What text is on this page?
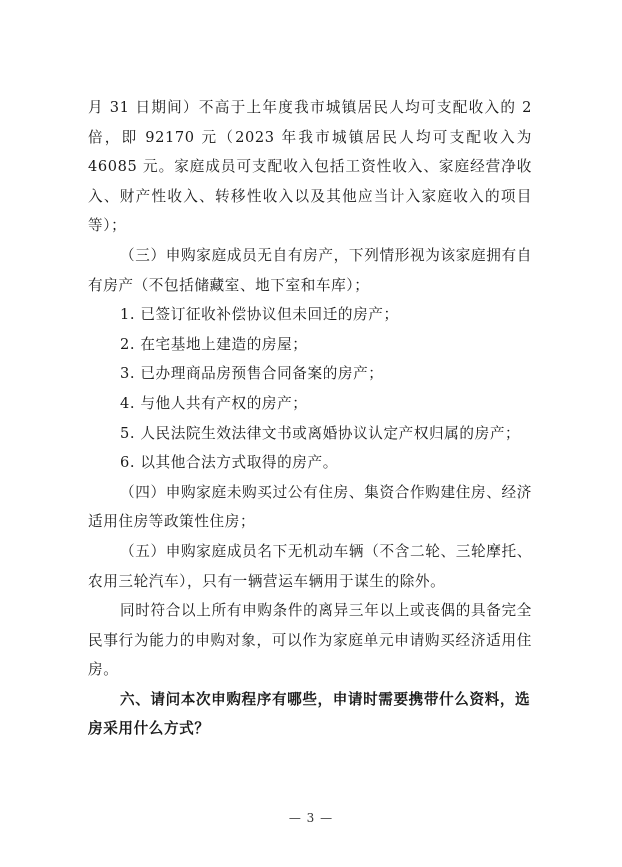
月 31 日期间）不高于上年度我市城镇居民人均可支配收入的 2 倍，即 92170 元（2023 年我市城镇居民人均可支配收入为 46085 元。家庭成员可支配收入包括工资性收入、家庭经营净收入、财产性收入、转移性收入以及其他应当计入家庭收入的项目等）；

（三）申购家庭成员无自有房产，下列情形视为该家庭拥有自有房产（不包括储藏室、地下室和车库）；

1. 已签订征收补偿协议但未回迁的房产；

2. 在宅基地上建造的房屋；

3. 已办理商品房预售合同备案的房产；

4. 与他人共有产权的房产；

5. 人民法院生效法律文书或离婚协议认定产权归属的房产；

6. 以其他合法方式取得的房产。

（四）申购家庭未购买过公有住房、集资合作购建住房、经济适用住房等政策性住房；

（五）申购家庭成员名下无机动车辆（不含二轮、三轮摩托、农用三轮汽车），只有一辆营运车辆用于谋生的除外。

同时符合以上所有申购条件的离异三年以上或丧偶的具备完全民事行为能力的申购对象，可以作为家庭单元申请购买经济适用住房。

六、请问本次申购程序有哪些，申请时需要携带什么资料，选房采用什么方式？

— 3 —
